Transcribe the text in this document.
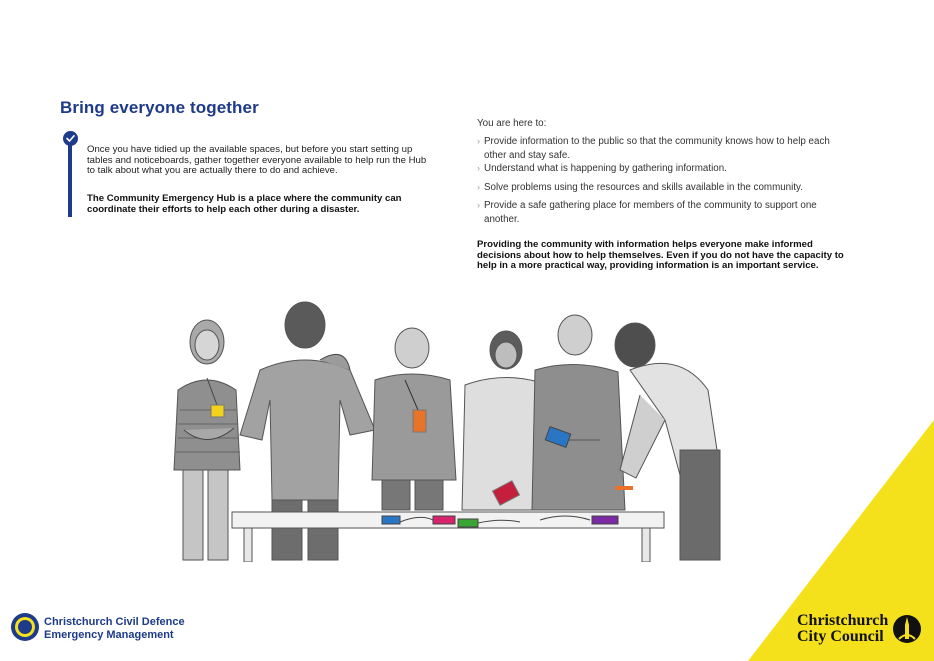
Bring everyone together
Once you have tidied up the available spaces, but before you start setting up tables and noticeboards, gather together everyone available to help run the Hub to talk about what you are actually there to do and achieve.
The Community Emergency Hub is a place where the community can coordinate their efforts to help each other during a disaster.
You are here to:
› Provide information to the public so that the community knows how to help each other and stay safe.
› Understand what is happening by gathering information.
› Solve problems using the resources and skills available in the community.
› Provide a safe gathering place for members of the community to support one another.
Providing the community with information helps everyone make informed decisions about how to help themselves. Even if you do not have the capacity to help in a more practical way, providing information is an important service.
Christchurch Civil Defence
Emergency Management
Christchurch
City Council
